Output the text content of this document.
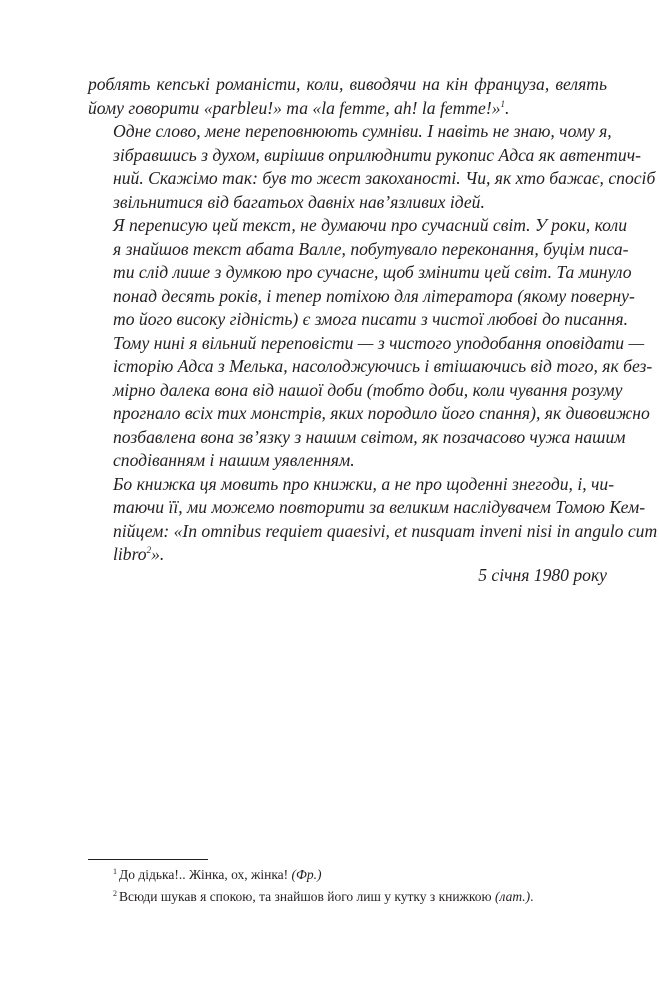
роблять кепські романісти, коли, виводячи на кін француза, велять
йому говорити «parbleu!» та «la femme, ah! la femme!»$^1$.

Одне слово, мене переповнюють сумніви. І навіть не знаю, чому я,
зібравшись з духом, вирішив оприлюднити рукопис Адса як автентич-
ний. Скажімо так: був то жест закоханості. Чи, як хто бажає, спосіб
звільнитися від багатьох давніх нав’язливих ідей.

Я переписую цей текст, не думаючи про сучасний світ. У роки, коли
я знайшов текст абата Валле, побутувало переконання, буцім писа-
ти слід лише з думкою про сучасне, щоб змінити цей світ. Та минуло
понад десять років, і тепер потіхою для літератора (якому поверну-
то його високу гідність) є змога писати з чистої любові до писання.
Тому нині я вільний переповісти — з чистого уподобання оповідати —
історію Адса з Мелька, насолоджуючись і втішаючись від того, як без-
мірно далека вона від нашої доби (тобто доби, коли чування розуму
прогнало всіх тих монстрів, яких породило його спання), як дивовижно
позбавлена вона зв’язку з нашим світом, як позачасово чужа нашим
сподіванням і нашим уявленням.

Бо книжка ця мовить про книжки, а не про щоденні знегоди, і, чи-
таючи її, ми можемо повторити за великим наслідувачем Томою Кем-
пійцем: «In omnibus requiem quaesivi, et nusquam inveni nisi in angulo cum
libro$^2$».

5 січня 1980 року
$^1$ До дідька!.. Жінка, ох, жінка! (Фр.)
$^2$ Всюди шукав я спокою, та знайшов його лиш у кутку з книжкою (лат.).
